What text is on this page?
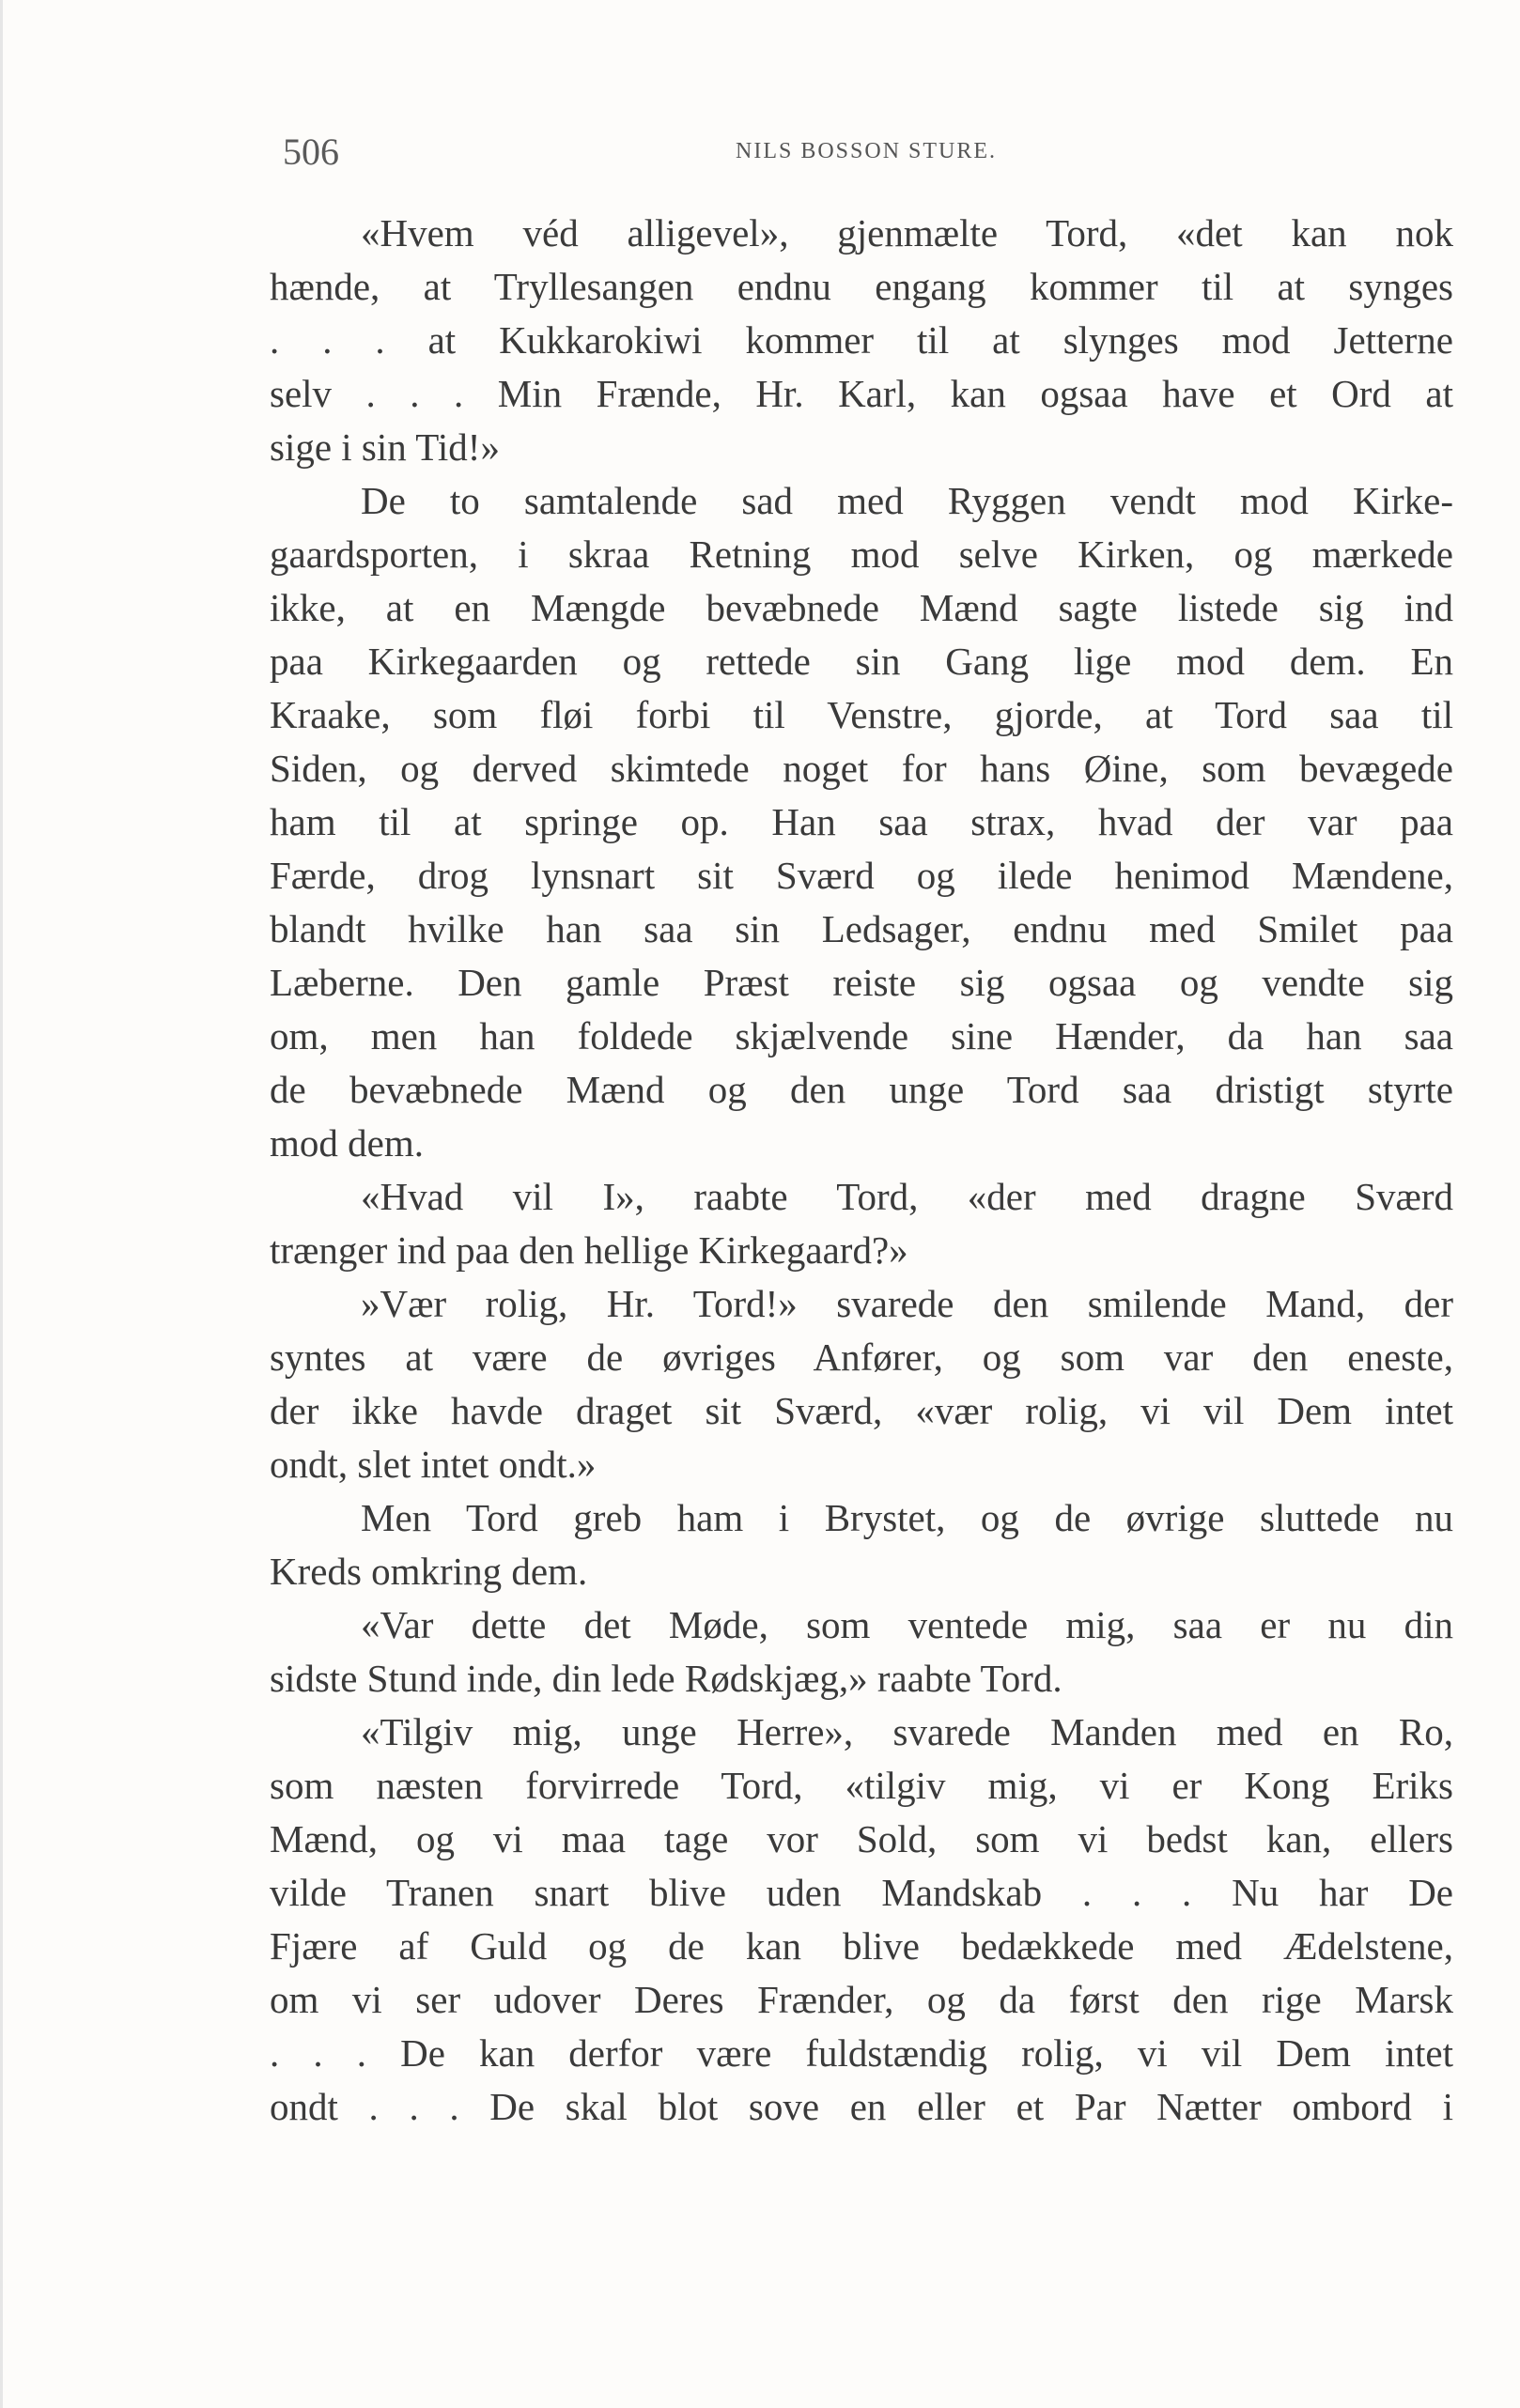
506	NILS BOSSON STURE.
«Hvem véd alligevel», gjenmælte Tord, «det kan nok
hænde, at Tryllesangen endnu engang kommer til at synges
. . . at Kukkarokiwi kommer til at slynges mod Jetterne
selv . . . Min Frænde, Hr. Karl, kan ogsaa have et Ord at
sige i sin Tid!»
De to samtalende sad med Ryggen vendt mod Kirke-
gaardsporten, i skraa Retning mod selve Kirken, og mærkede
ikke, at en Mængde bevæbnede Mænd sagte listede sig ind
paa Kirkegaarden og rettede sin Gang lige mod dem. En
Kraake, som fløi forbi til Venstre, gjorde, at Tord saa til
Siden, og derved skimtede noget for hans Øine, som bevægede
ham til at springe op. Han saa strax, hvad der var paa
Færde, drog lynsnart sit Sværd og ilede henimod Mændene,
blandt hvilke han saa sin Ledsager, endnu med Smilet paa
Læberne. Den gamle Præst reiste sig ogsaa og vendte sig
om, men han foldede skjælvende sine Hænder, da han saa
de bevæbnede Mænd og den unge Tord saa dristigt styrte
mod dem.
«Hvad vil I», raabte Tord, «der med dragne Sværd
trænger ind paa den hellige Kirkegaard?»
»Vær rolig, Hr. Tord!» svarede den smilende Mand, der
syntes at være de øvriges Anfører, og som var den eneste,
der ikke havde draget sit Sværd, «vær rolig, vi vil Dem intet
ondt, slet intet ondt.»
Men Tord greb ham i Brystet, og de øvrige sluttede nu
Kreds omkring dem.
«Var dette det Møde, som ventede mig, saa er nu din
sidste Stund inde, din lede Rødskjæg,» raabte Tord.
«Tilgiv mig, unge Herre», svarede Manden med en Ro,
som næsten forvirrede Tord, «tilgiv mig, vi er Kong Eriks
Mænd, og vi maa tage vor Sold, som vi bedst kan, ellers
vilde Tranen snart blive uden Mandskab . . . Nu har De
Fjære af Guld og de kan blive bedækkede med Ædelstene,
om vi ser udover Deres Frænder, og da først den rige Marsk
. . . De kan derfor være fuldstændig rolig, vi vil Dem intet
ondt . . . De skal blot sove en eller et Par Nætter ombord i
